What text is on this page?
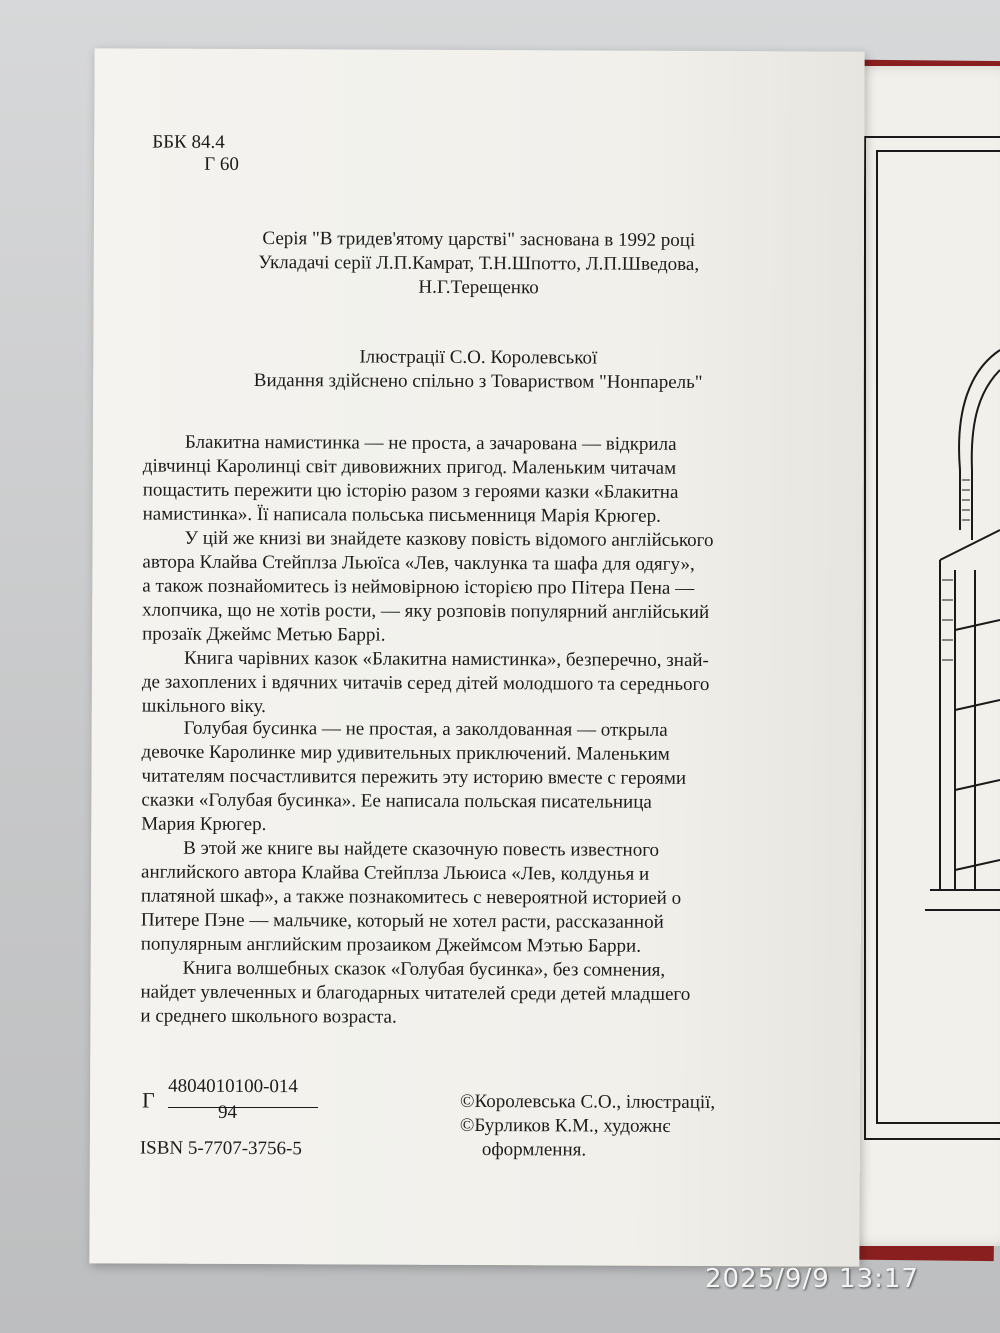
ББК 84.4
Г 60
Серія "В тридев'ятому царстві" заснована в 1992 році
Укладачі серії Л.П.Камрат, Т.Н.Шпотто, Л.П.Шведова,
Н.Г.Терещенко
Ілюстрації С.О. Королевської
Видання здійснено спільно з Товариством "Нонпарель"

Блакитна намистинка — не проста, а зачарована — відкрила

дівчинці Каролинці світ дивовижних пригод. Маленьким читачам

пощастить пережити цю історію разом з героями казки «Блакитна

намистинка». Її написала польська письменниця Марія Крюгер.

У цій же книзі ви знайдете казкову повість відомого англійського

автора Клайва Стейплза Льюїса «Лев, чаклунка та шафа для одягу»,

а також познайомитесь із неймовірною історією про Пітера Пена —

хлопчика, що не хотів рости, — яку розповів популярний англійський

прозаїк Джеймс Метью Баррі.

Книга чарівних казок «Блакитна намистинка», безперечно, знай-

де захоплених і вдячних читачів серед дітей молодшого та середнього

шкільного віку.

Голубая бусинка — не простая, а заколдованная — открыла

девочке Каролинке мир удивительных приключений. Маленьким

читателям посчастливится пережить эту историю вместе с героями

сказки «Голубая бусинка». Ее написала польская писательница

Мария Крюгер.

В этой же книге вы найдете сказочную повесть известного

английского автора Клайва Стейплза Льюиса «Лев, колдунья и

платяной шкаф», а также познакомитесь с невероятной историей о

Питере Пэне — мальчике, который не хотел расти, рассказанной

популярным английским прозаиком Джеймсом Мэтью Барри.

Книга волшебных сказок «Голубая бусинка», без сомнения,

найдет увлеченных и благодарных читателей среди детей младшего

и среднего школьного возраста.

Г
4804010100-014
94
ISBN 5-7707-3756-5
©Королевська С.О., ілюстрації,
©Бурликов К.М., художнє
оформлення.
2025/9/9 13:17
